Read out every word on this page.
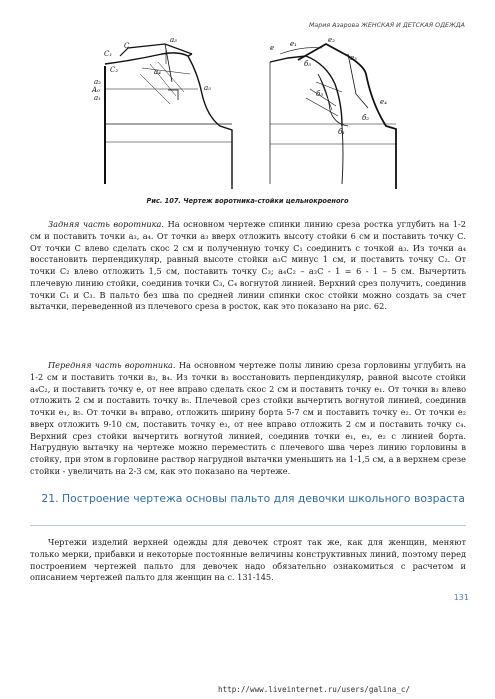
Мария Азарова ЖЕНСКАЯ И ДЕТСКАЯ ОДЕЖДА
C₁
C
a₃
a₄
C₂
a₂
a₁
A₀	a₅
e e₁
б₅
e₂
e₃
e₄
б₁
б₂
б₃
Рис. 107. Чертеж воротника-стойки цельнокроеного

Задняя часть воротника. На основном чертеже спинки линию среза ростка углубить на 1-2 см и поставить точки а₃, а₄. От точки а₃ вверх отложить высоту стойки 6 см и поставить точку С. От точки С влево сделать скос 2 см и полученную точку С₁ соединить с точкой а₃. Из точки а₄ восстановить перпендикуляр, равный высоте стойки а₃С минус 1 см, и поставить точку С₂. От точки С₂ влево отложить 1,5 см, поставить точку С₃; а₄С₂ – а₃С - 1 = 6 - 1 – 5 см. Вычертить плечевую линию стойки, соединив точки С₃, С₄ вогнутой линией. Верхний срез получить, соединив точки С₁ и С₃. В пальто без шва по средней линии спинки скос стойки можно создать за счет вытачки, переведенной из плечевого среза в росток, как это показано на рис. 62.

Передняя часть воротника. На основном чертеже полы линию среза горловины углубить на 1-2 см и поставить точки в₃, в₄. Из точки в₃ восстановить перпендикуляр, равной высоте стойки а₄С₂, и поставить точку е, от нее вправо сделать скос 2 см и поставить точку е₁. От точки в₃ влево отложить 2 см и поставить точку в₅. Плечевой срез стойки вычертить вогнутой линией, соединив точки е₁, в₅. От точки в₄ вправо, отложить ширину борта 5-7 см и поставить точку е₂. От точки е₂ вверх отложить 9-10 см, поставить точку е₃, от нее вправо отложить 2 см и поставить точку с₄. Верхний срез стойки вычертить вогнутой линией, соединив точки е₁, е₃, е₂ с линией борта. Нагрудную вытачку на чертеже можно переместить с плечевого шва через линию горловины в стойку, при этом в горловине раствор нагрудной вытачки уменьшить на 1-1,5 см, а в верхнем срезе стойки - увеличить на 2-3 см, как это показано на чертеже.

21. Построение чертежа основы пальто для девочки школьного возраста

Чертежи изделий верхней одежды для девочек строят так же, как для женщин, меняют только мерки, прибавки и некоторые постоянные величины конструктивных линий, поэтому перед построением чертежей пальто для девочек надо обязательно ознакомиться с расчетом и описанием чертежей пальто для женщин на с. 131-145.

131
http://www.liveinternet.ru/users/galina_c/
